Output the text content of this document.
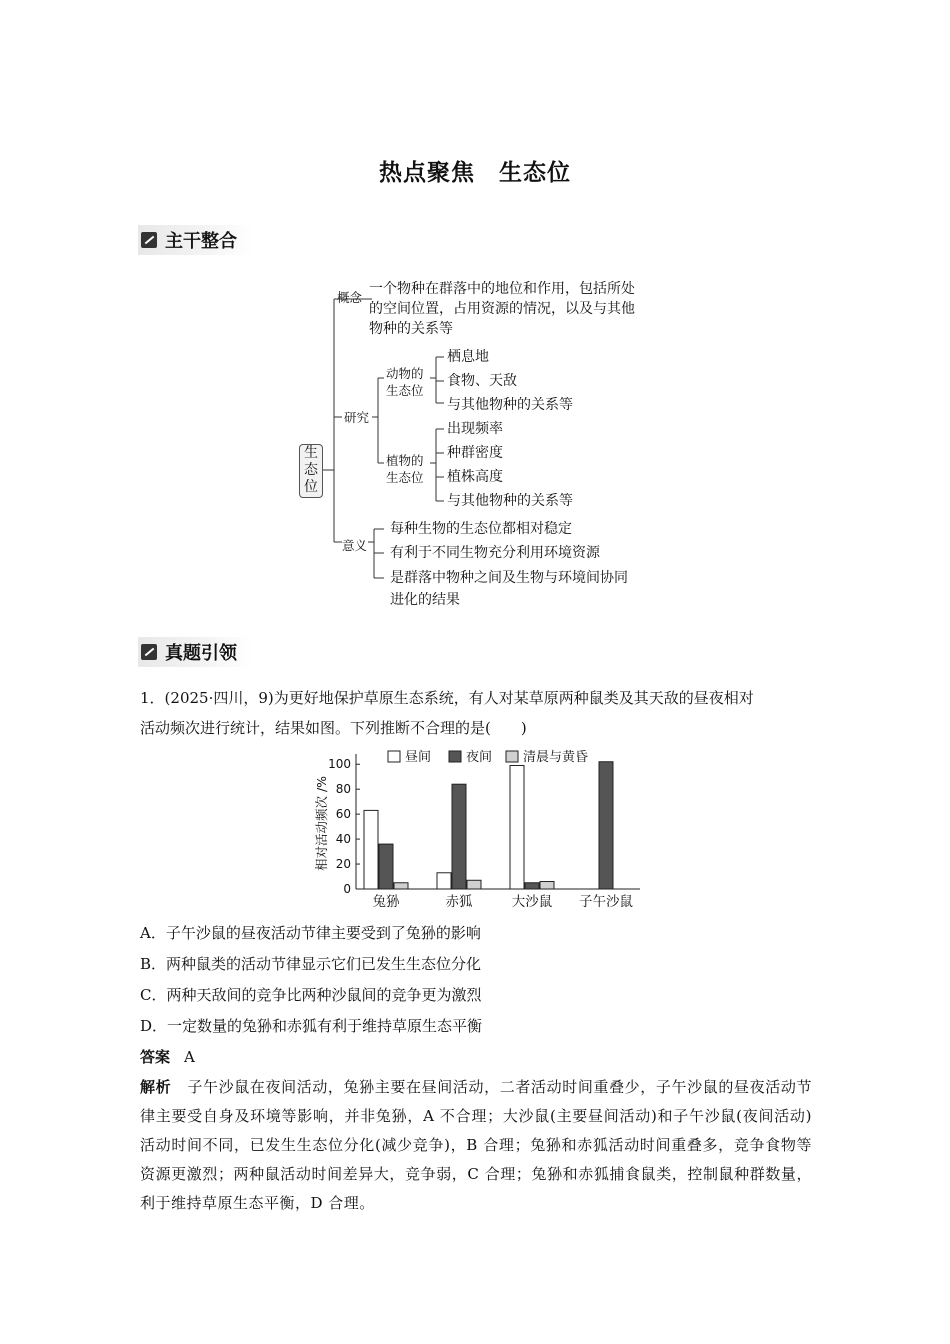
热点聚焦　生态位
主干整合
生
态
位
概念
一个物种在群落中的地位和作用，包括所处
的空间位置，占用资源的情况，以及与其他
物种的关系等
研究
动物的
生态位
栖息地
食物、天敌
与其他物种的关系等
植物的
生态位
出现频率
种群密度
植株高度
与其他物种的关系等
意义
每种生物的生态位都相对稳定
有利于不同生物充分利用环境资源
是群落中物种之间及生物与环境间协同
进化的结果
真题引领
1．(2025·四川，9)为更好地保护草原生态系统，有人对某草原两种鼠类及其天敌的昼夜相对
活动频次进行统计，结果如图。下列推断不合理的是(　　)
昼间	夜间 清晨与黄昏
0
20
40
60
80
100
相对活动频次 /%
兔狲	赤狐	大沙鼠 子午沙鼠
A．子午沙鼠的昼夜活动节律主要受到了兔狲的影响
B．两种鼠类的活动节律显示它们已发生生态位分化
C．两种天敌间的竞争比两种沙鼠间的竞争更为激烈
D．一定数量的兔狲和赤狐有利于维持草原生态平衡
答案 A
解析 子午沙鼠在夜间活动，兔狲主要在昼间活动，二者活动时间重叠少，子午沙鼠的昼夜活动节律主要受自身及环境等影响，并非兔狲，A 不合理；大沙鼠(主要昼间活动)和子午沙鼠(夜间活动)活动时间不同，已发生生态位分化(减少竞争)，B 合理；兔狲和赤狐活动时间重叠多，竞争食物等资源更激烈；两种鼠活动时间差异大，竞争弱，C 合理；兔狲和赤狐捕食鼠类，控制鼠种群数量，利于维持草原生态平衡，D 合理。
